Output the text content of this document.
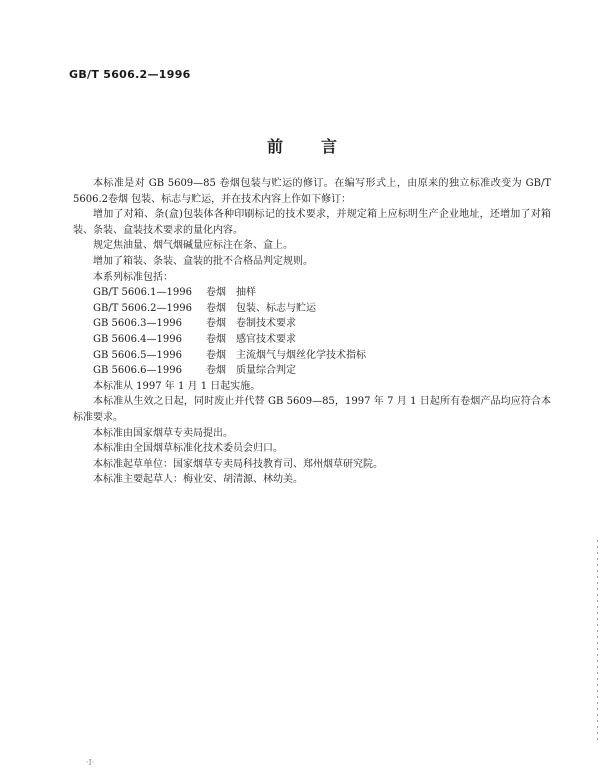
GB/T 5606.2—1996
前言

本标准是对 GB 5609—85 卷烟包装与贮运的修订。在编写形式上，由原来的独立标准改变为 GB/T 5606.2卷烟 包装、标志与贮运，并在技术内容上作如下修订：

增加了对箱、条(盒)包装体各种印刷标记的技术要求，并规定箱上应标明生产企业地址，还增加了对箱装、条装、盒装技术要求的量化内容。

规定焦油量、烟气烟碱量应标注在条、盒上。

增加了箱装、条装、盒装的批不合格品判定规则。

本系列标准包括：

GB/T 5606.1—1996	卷烟　抽样
GB/T 5606.2—1996	卷烟　包装、标志与贮运
GB 5606.3—1996	卷烟　卷制技术要求
GB 5606.4—1996	卷烟　感官技术要求
GB 5606.5—1996	卷烟　主流烟气与烟丝化学技术指标
GB 5606.6—1996	卷烟　质量综合判定

本标准从 1997 年 1 月 1 日起实施。

本标准从生效之日起，同时废止并代替 GB 5609—85，1997 年 7 月 1 日起所有卷烟产品均应符合本标准要求。

本标准由国家烟草专卖局提出。

本标准由全国烟草标准化技术委员会归口。

本标准起草单位：国家烟草专卖局科技教育司、郑州烟草研究院。

本标准主要起草人：梅业安、胡清源、林幼美。

·Ⅰ·
